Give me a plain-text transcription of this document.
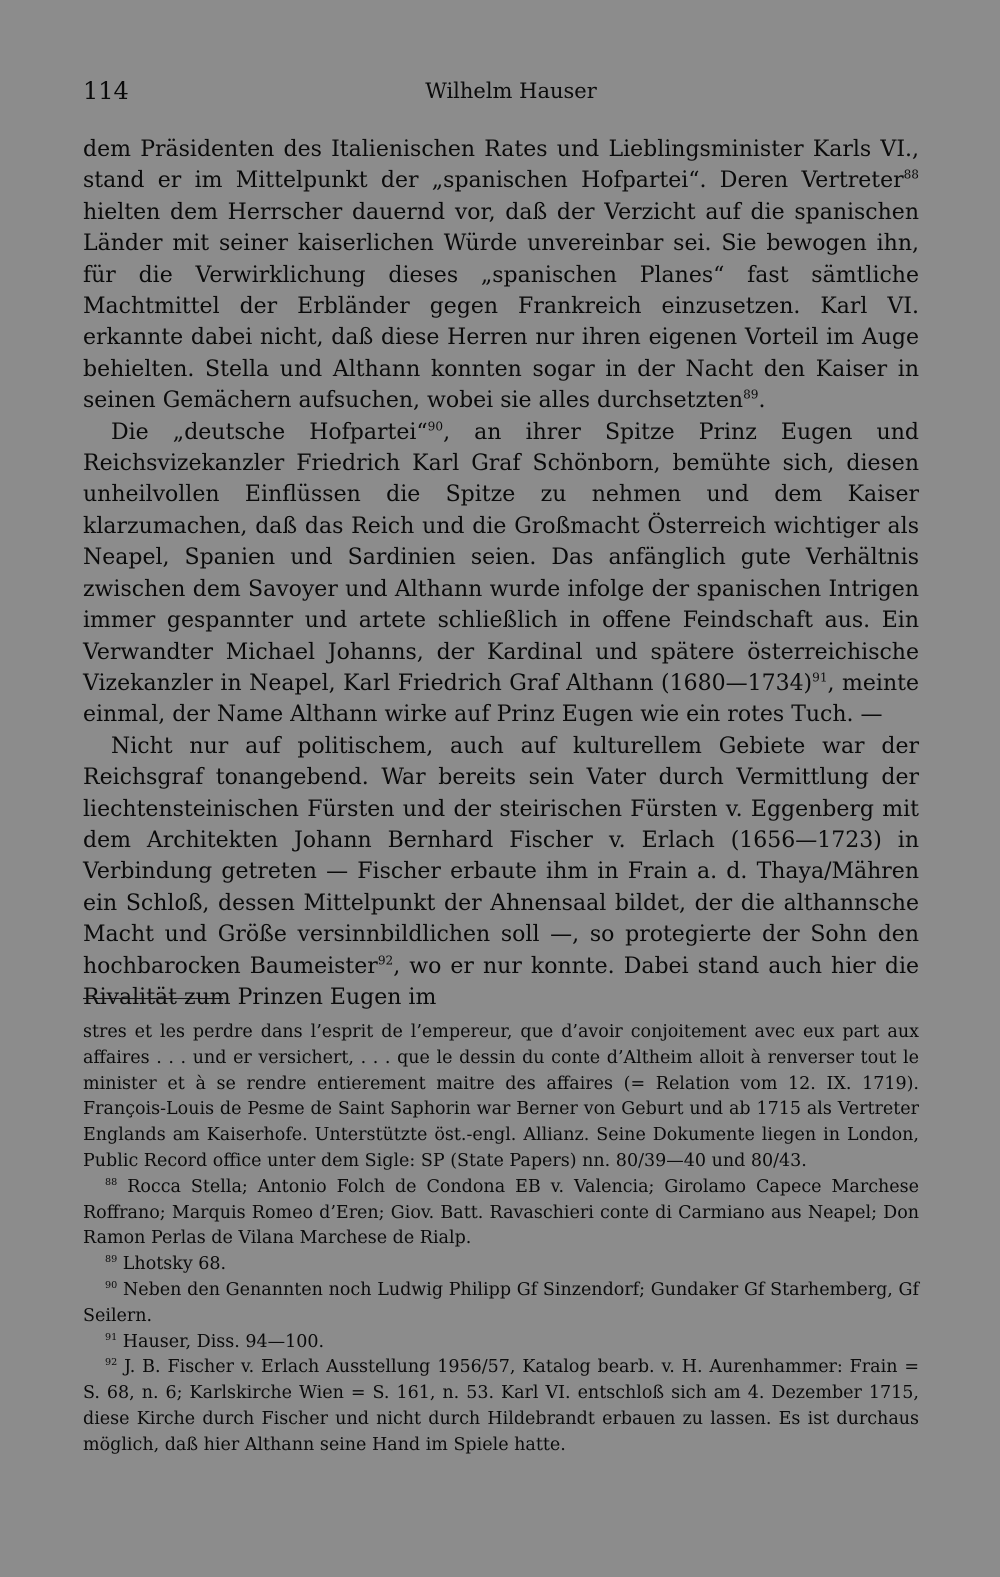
114	Wilhelm Hauser

dem Präsidenten des Italienischen Rates und Lieblingsminister Karls VI., stand er im Mittelpunkt der „spanischen Hofpartei“. Deren Vertreter$^{88}$ hielten dem Herrscher dauernd vor, daß der Verzicht auf die spanischen Länder mit seiner kaiserlichen Würde unvereinbar sei. Sie bewogen ihn, für die Verwirklichung dieses „spanischen Planes“ fast sämtliche Machtmittel der Erbländer gegen Frankreich einzusetzen. Karl VI. erkannte dabei nicht, daß diese Herren nur ihren eigenen Vorteil im Auge behielten. Stella und Althann konnten sogar in der Nacht den Kaiser in seinen Gemächern aufsuchen, wobei sie alles durchsetzten$^{89}$.

Die „deutsche Hofpartei“$^{90}$, an ihrer Spitze Prinz Eugen und Reichsvizekanzler Friedrich Karl Graf Schönborn, bemühte sich, diesen unheilvollen Einflüssen die Spitze zu nehmen und dem Kaiser klarzumachen, daß das Reich und die Großmacht Österreich wichtiger als Neapel, Spanien und Sardinien seien. Das anfänglich gute Verhältnis zwischen dem Savoyer und Althann wurde infolge der spanischen Intrigen immer gespannter und artete schließlich in offene Feindschaft aus. Ein Verwandter Michael Johanns, der Kardinal und spätere österreichische Vizekanzler in Neapel, Karl Friedrich Graf Althann (1680—1734)$^{91}$, meinte einmal, der Name Althann wirke auf Prinz Eugen wie ein rotes Tuch. —

Nicht nur auf politischem, auch auf kulturellem Gebiete war der Reichsgraf tonangebend. War bereits sein Vater durch Vermittlung der liechtensteinischen Fürsten und der steirischen Fürsten v. Eggenberg mit dem Architekten Johann Bernhard Fischer v. Erlach (1656—1723) in Verbindung getreten — Fischer erbaute ihm in Frain a. d. Thaya/Mähren ein Schloß, dessen Mittelpunkt der Ahnensaal bildet, der die althannsche Macht und Größe versinnbildlichen soll —, so protegierte der Sohn den hochbarocken Baumeister$^{92}$, wo er nur konnte. Dabei stand auch hier die Rivalität zum Prinzen Eugen im

stres et les perdre dans l’esprit de l’empereur, que d’avoir conjoitement avec eux part aux affaires . . . und er versichert, . . . que le dessin du conte d’Altheim alloit à renverser tout le minister et à se rendre entierement maitre des affaires (= Relation vom 12. IX. 1719). François-Louis de Pesme de Saint Saphorin war Berner von Geburt und ab 1715 als Vertreter Englands am Kaiserhofe. Unterstützte öst.-engl. Allianz. Seine Dokumente liegen in London, Public Record office unter dem Sigle: SP (State Papers) nn. 80/39—40 und 80/43.

$^{88}$ Rocca Stella; Antonio Folch de Condona EB v. Valencia; Girolamo Capece Marchese Roffrano; Marquis Romeo d’Eren; Giov. Batt. Ravaschieri conte di Carmiano aus Neapel; Don Ramon Perlas de Vilana Marchese de Rialp.

$^{89}$ Lhotsky 68.

$^{90}$ Neben den Genannten noch Ludwig Philipp Gf Sinzendorf; Gundaker Gf Starhemberg, Gf Seilern.

$^{91}$ Hauser, Diss. 94—100.

$^{92}$ J. B. Fischer v. Erlach Ausstellung 1956/57, Katalog bearb. v. H. Aurenhammer: Frain = S. 68, n. 6; Karlskirche Wien = S. 161, n. 53. Karl VI. entschloß sich am 4. Dezember 1715, diese Kirche durch Fischer und nicht durch Hildebrandt erbauen zu lassen. Es ist durchaus möglich, daß hier Althann seine Hand im Spiele hatte.
